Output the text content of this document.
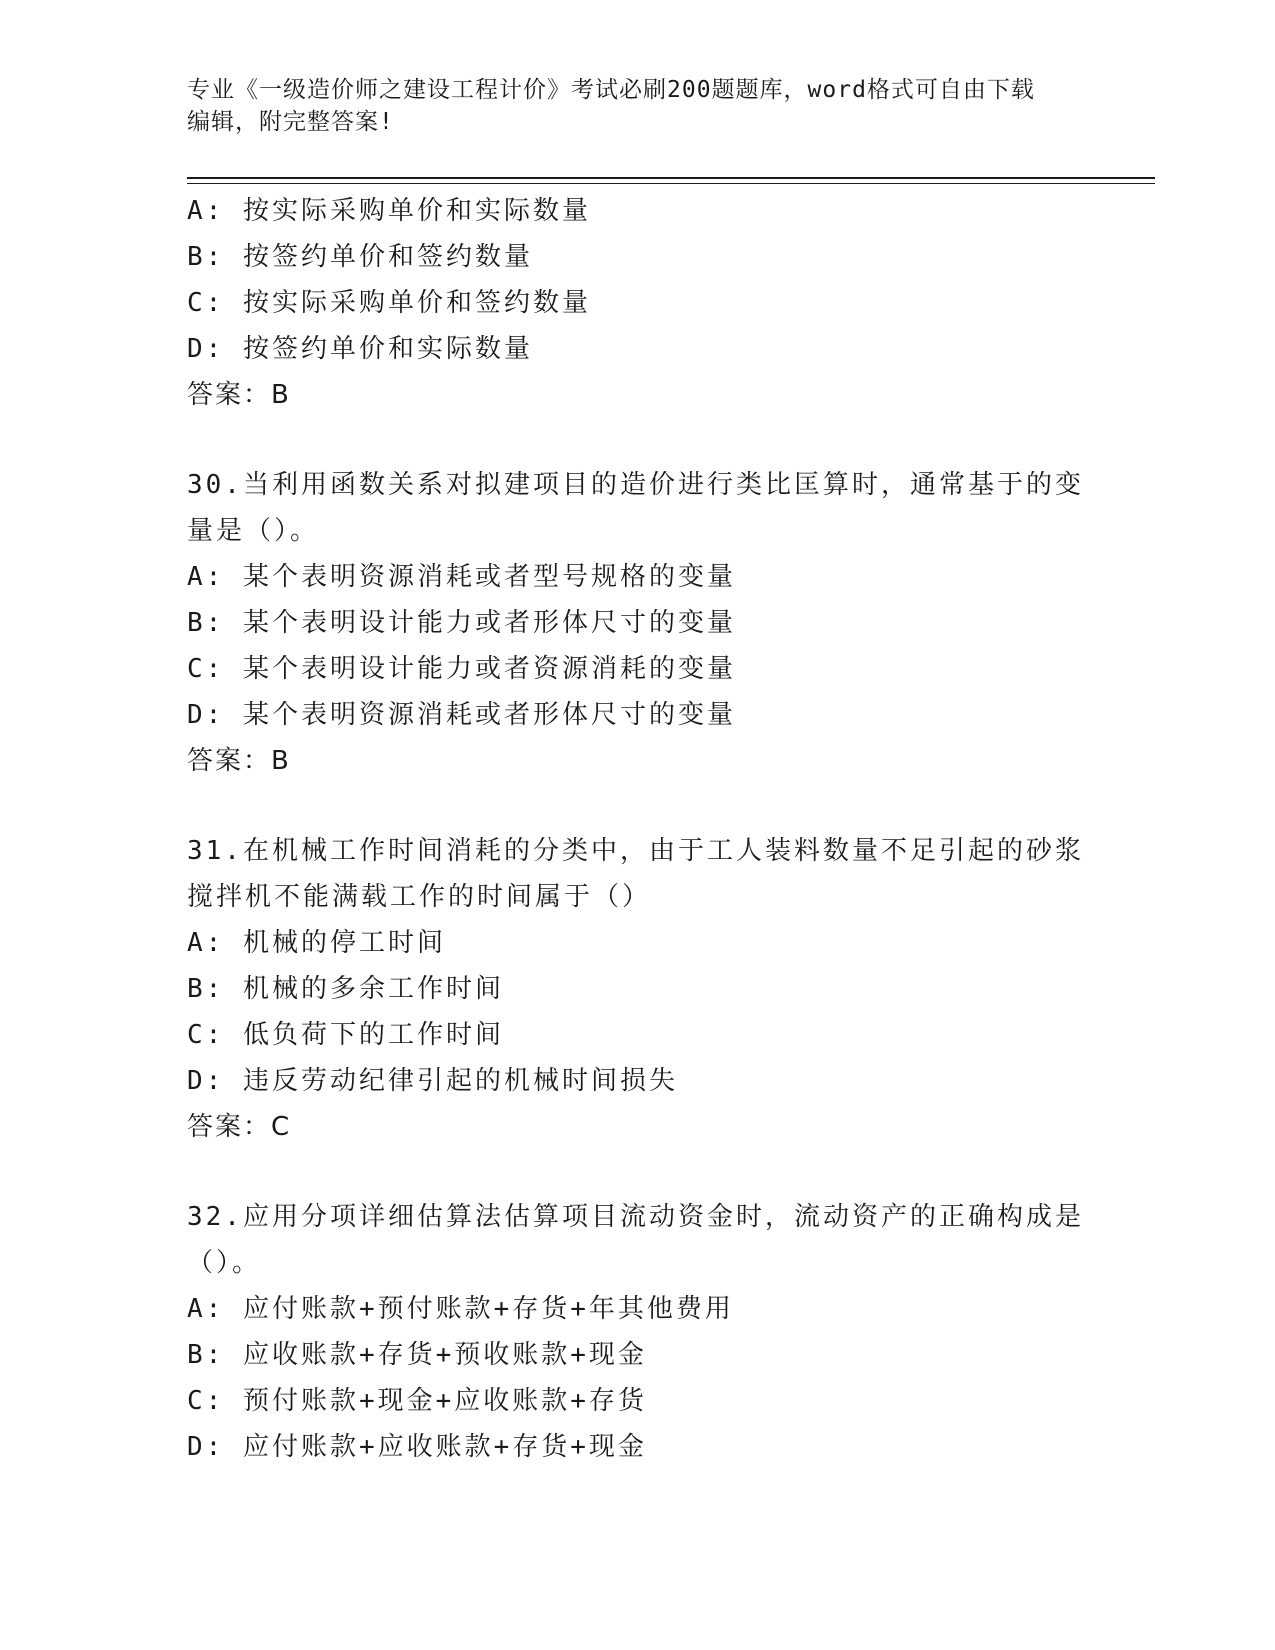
专业《一级造价师之建设工程计价》考试必刷200题题库，word格式可自由下载
编辑，附完整答案!
A: 按实际采购单价和实际数量
B: 按签约单价和签约数量
C: 按实际采购单价和签约数量
D: 按签约单价和实际数量
答案：B
30.当利用函数关系对拟建项目的造价进行类比匡算时，通常基于的变
量是（）。
A: 某个表明资源消耗或者型号规格的变量
B: 某个表明设计能力或者形体尺寸的变量
C: 某个表明设计能力或者资源消耗的变量
D: 某个表明资源消耗或者形体尺寸的变量
答案：B
31.在机械工作时间消耗的分类中，由于工人装料数量不足引起的砂浆
搅拌机不能满载工作的时间属于（）
A: 机械的停工时间
B: 机械的多余工作时间
C: 低负荷下的工作时间
D: 违反劳动纪律引起的机械时间损失
答案：C
32.应用分项详细估算法估算项目流动资金时，流动资产的正确构成是
（）。
A: 应付账款+预付账款+存货+年其他费用
B: 应收账款+存货+预收账款+现金
C: 预付账款+现金+应收账款+存货
D: 应付账款+应收账款+存货+现金
